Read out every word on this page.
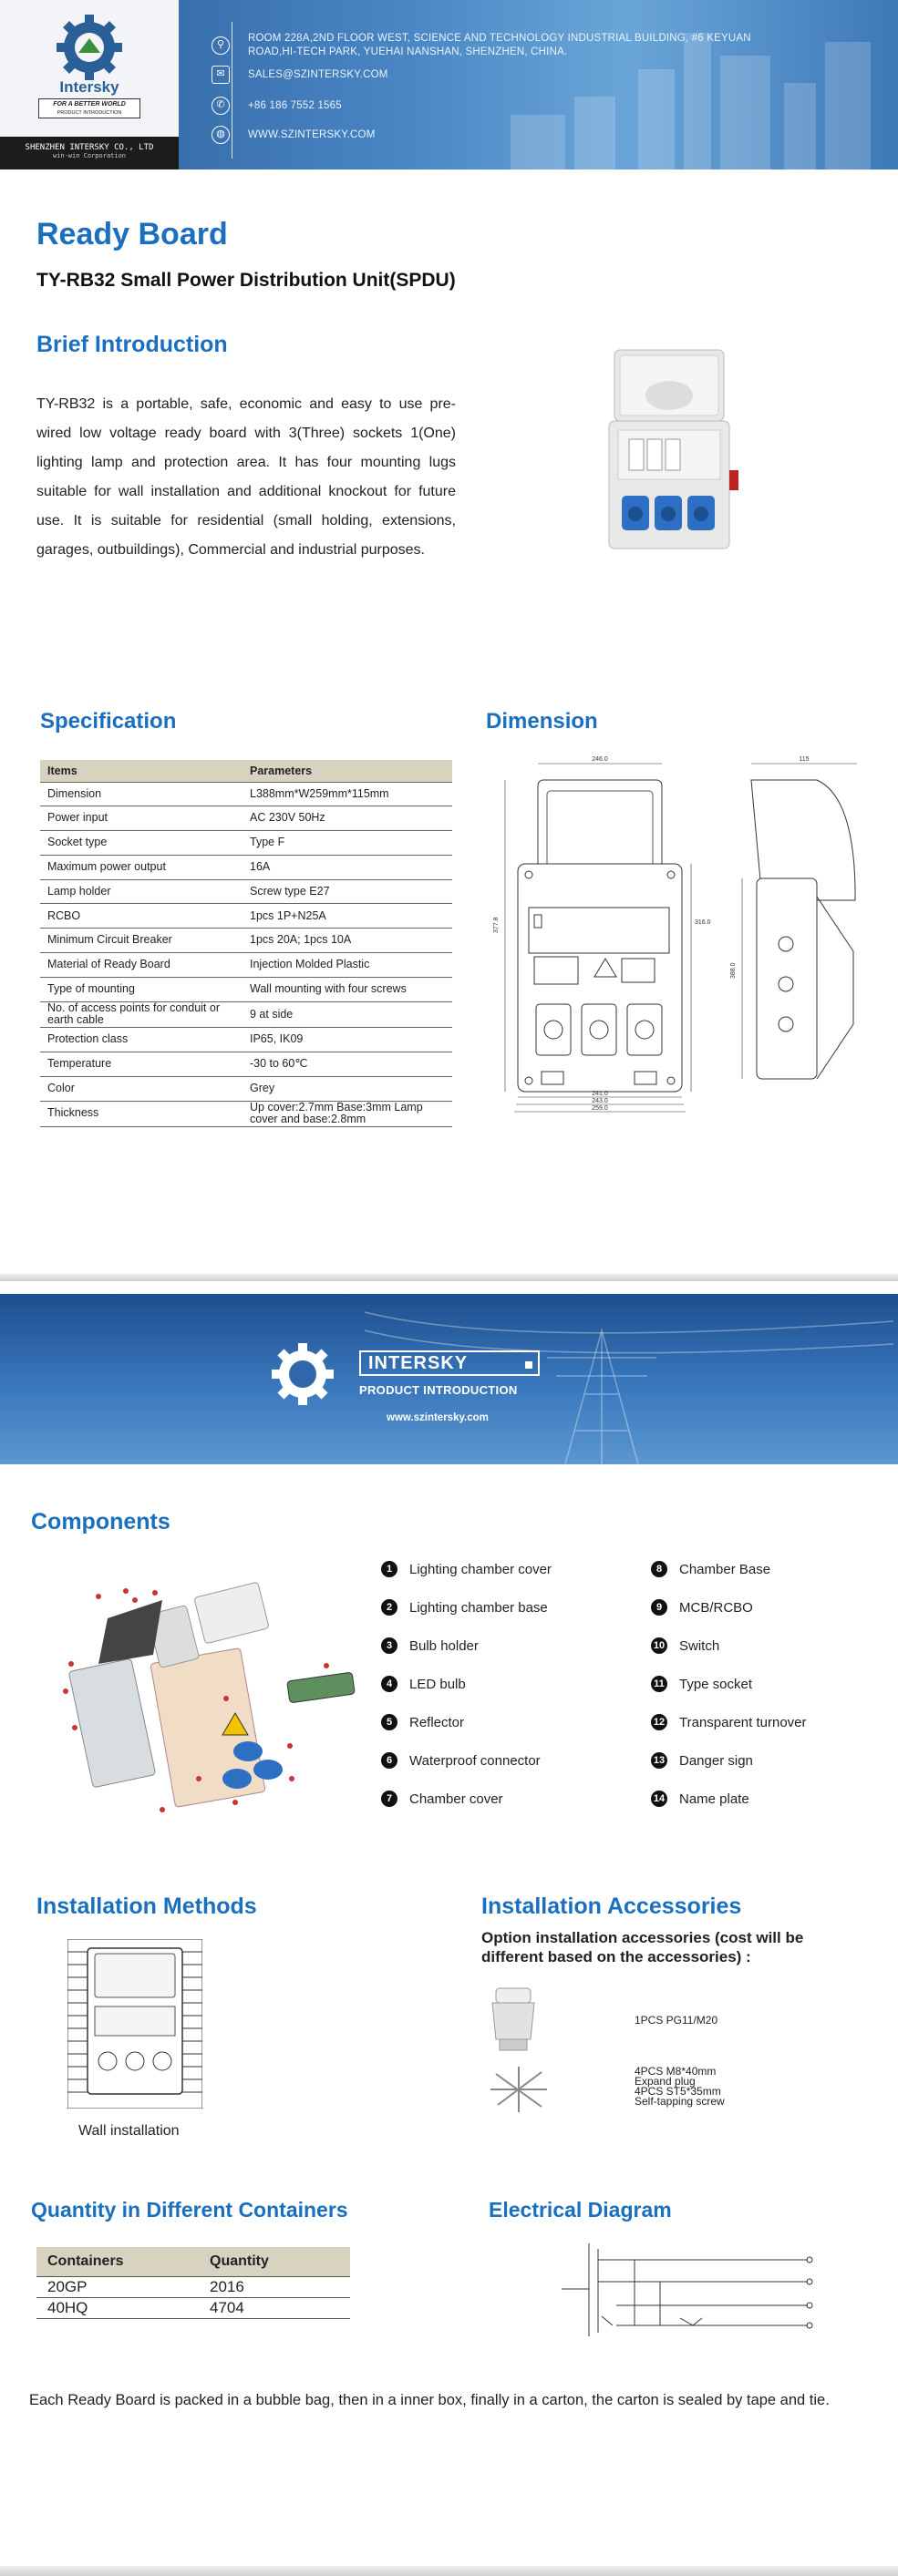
Intersky
FOR A BETTER WORLD
PRODUCT INTRODUCTION
SHENZHEN INTERSKY CO., LTD
win-win Corporation
⚲
✉
✆
◍
ROOM 228A,2ND FLOOR WEST, SCIENCE AND TECHNOLOGY INDUSTRIAL BUILDING, #6 KEYUAN
ROAD,HI-TECH PARK, YUEHAI NANSHAN, SHENZHEN, CHINA.
SALES@SZINTERSKY.COM
+86 186 7552 1565
WWW.SZINTERSKY.COM
Ready Board
TY-RB32 Small Power Distribution Unit(SPDU)
Brief Introduction
TY-RB32 is a portable, safe, economic and easy to use pre-wired low voltage ready board with 3(Three) sockets 1(One) lighting lamp and protection area. It has four mounting lugs suitable for wall installation and additional knockout for future use. It is suitable for residential (small holding, extensions, garages, outbuildings), Commercial and industrial purposes.
Specification
Items	Parameters
Dimension	L388mm*W259mm*115mm
Power input	AC 230V 50Hz
Socket type	Type F
Maximum power output	16A
Lamp holder	Screw type E27
RCBO	1pcs 1P+N25A
Minimum Circuit Breaker	1pcs 20A; 1pcs 10A
Material of Ready Board	Injection Molded Plastic
Type of mounting	Wall mounting with four screws
No. of access points for conduit or earth cable	9 at side
Protection class	IP65, IK09
Temperature	-30 to 60℃
Color	Grey
Thickness	Up cover:2.7mm Base:3mm Lamp cover and base:2.8mm
Dimension
246.0
377.8	316.0
241.0
243.0
259.0
115
388.0
INTERSKY
PRODUCT INTRODUCTION
www.szintersky.com
Components
1	Lighting chamber cover
2	Lighting chamber base
3	Bulb holder
4	LED bulb
5	Reflector
6	Waterproof connector
7	Chamber cover
8	Chamber Base
9	MCB/RCBO
10 Switch
11 Type socket
12 Transparent turnover
13 Danger sign
14 Name plate
Installation Methods
Wall installation
Installation Accessories
Option installation accessories (cost will be different based on the accessories) :
1PCS PG11/M20
4PCS M8*40mm
Expand plug
4PCS ST5*35mm
Self-tapping screw
Quantity in Different Containers
Containers	Quantity
20GP	2016
40HQ	4704
Electrical Diagram
Each Ready Board is packed in a bubble bag, then in a inner box, finally in a carton, the carton is sealed by tape and tie.
